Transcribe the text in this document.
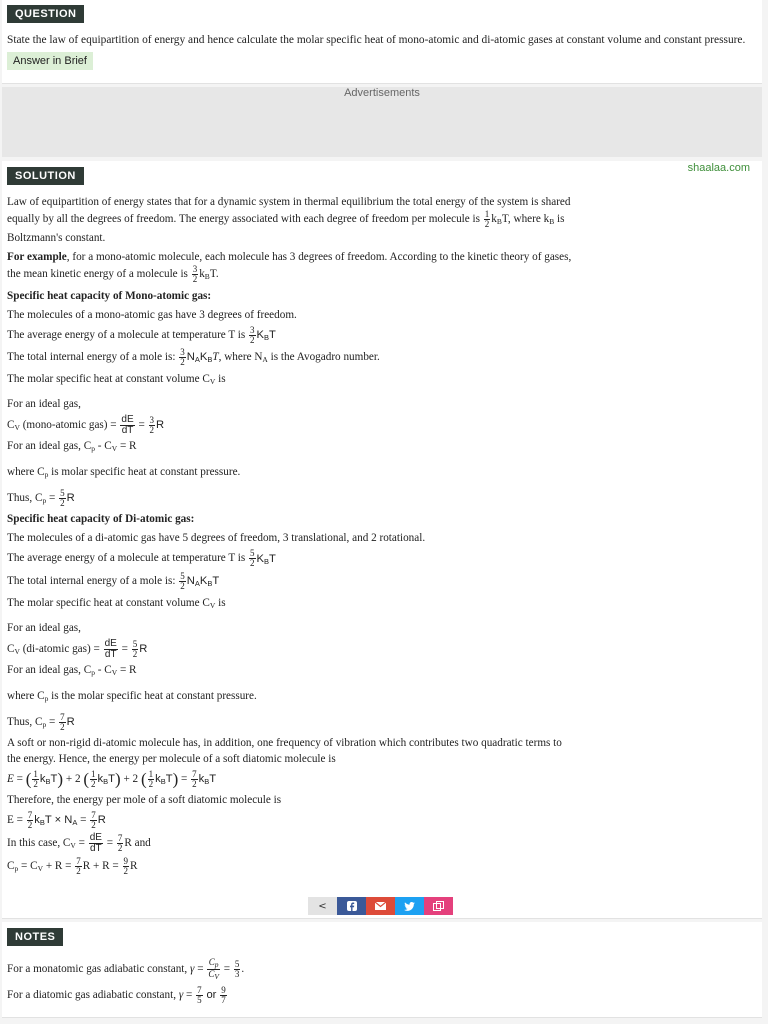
QUESTION
State the law of equipartition of energy and hence calculate the molar specific heat of mono-atomic and di-atomic gases at constant volume and constant pressure.
Answer in Brief
Advertisements
SOLUTION
shaalaa.com

Law of equipartition of energy states that for a dynamic system in thermal equilibrium the total energy of the system is shared
equally by all the degrees of freedom. The energy associated with each degree of freedom per molecule is $\frac{1}{2} k_BT$, where $k_B$ is
Boltzmann's constant.

For example, for a mono-atomic molecule, each molecule has 3 degrees of freedom. According to the kinetic theory of gases,
the mean kinetic energy of a molecule is $\frac{3}{2} k_BT$.

Specific heat capacity of Mono-atomic gas:

The molecules of a mono-atomic gas have 3 degrees of freedom.

The average energy of a molecule at temperature T is $\frac{3}{2} K_BT$

The total internal energy of a mole is: $\frac{3}{2} N_AK_BT$, where $N_A$ is the Avogadro number.

The molar specific heat at constant volume $C_V$ is

For an ideal gas,

$C_V$ (mono-atomic $gas) = \frac{dE}{dT} = \frac{3}{2}$ R

For an ideal gas, $C_p - C_V = R$

where $C_p$ is molar specific heat at constant pressure.

Thus, $C_p = \frac{5}{2}$ R

Specific heat capacity of Di-atomic gas:

The molecules of a di-atomic gas have 5 degrees of freedom, 3 translational, and 2 rotational.

The average energy of a molecule at temperature T is $\frac{5}{2} K_BT$

The total internal energy of a mole is: $\frac{5}{2} N_AK_BT$

The molar specific heat at constant volume $C_V$ is

For an ideal gas,

$C_V$ (di-atomic $gas) = \frac{dE}{dT} = \frac{5}{2}$ R

For an ideal gas, $C_p - C_V = R$

where $C_p$ is the molar specific heat at constant pressure.

Thus, $C_p = \frac{7}{2}$ R

A soft or non-rigid di-atomic molecule has, in addition, one frequency of vibration which contributes two quadratic terms to
the energy. Hence, the energy per molecule of a soft diatomic molecule is

E = ( $\frac{1}{2} k_BT) + 2$ ( $\frac{1}{2} k_BT) + 2$ ( $\frac{1}{2} k_BT) = \frac{7}{2} k_BT$

Therefore, the energy per mole of a soft diatomic molecule is

$E = \frac{7}{2} k_BT \times N_A = \frac{7}{2}$ R

In this case, $C_V = \frac{dE}{dT} = \frac{7}{2}$ R and

$C_p = C_V + R = \frac{7}{2}$ $R + R = \frac{9}{2}$ R

<
NOTES

For a monatomic gas adiabatic constant, $\gamma = \frac{C_p}{C_V} = \frac{5}{3}$ .

For a diatomic gas adiabatic constant, $\gamma = \frac{7}{5}$ or $\frac{9}{7}$
